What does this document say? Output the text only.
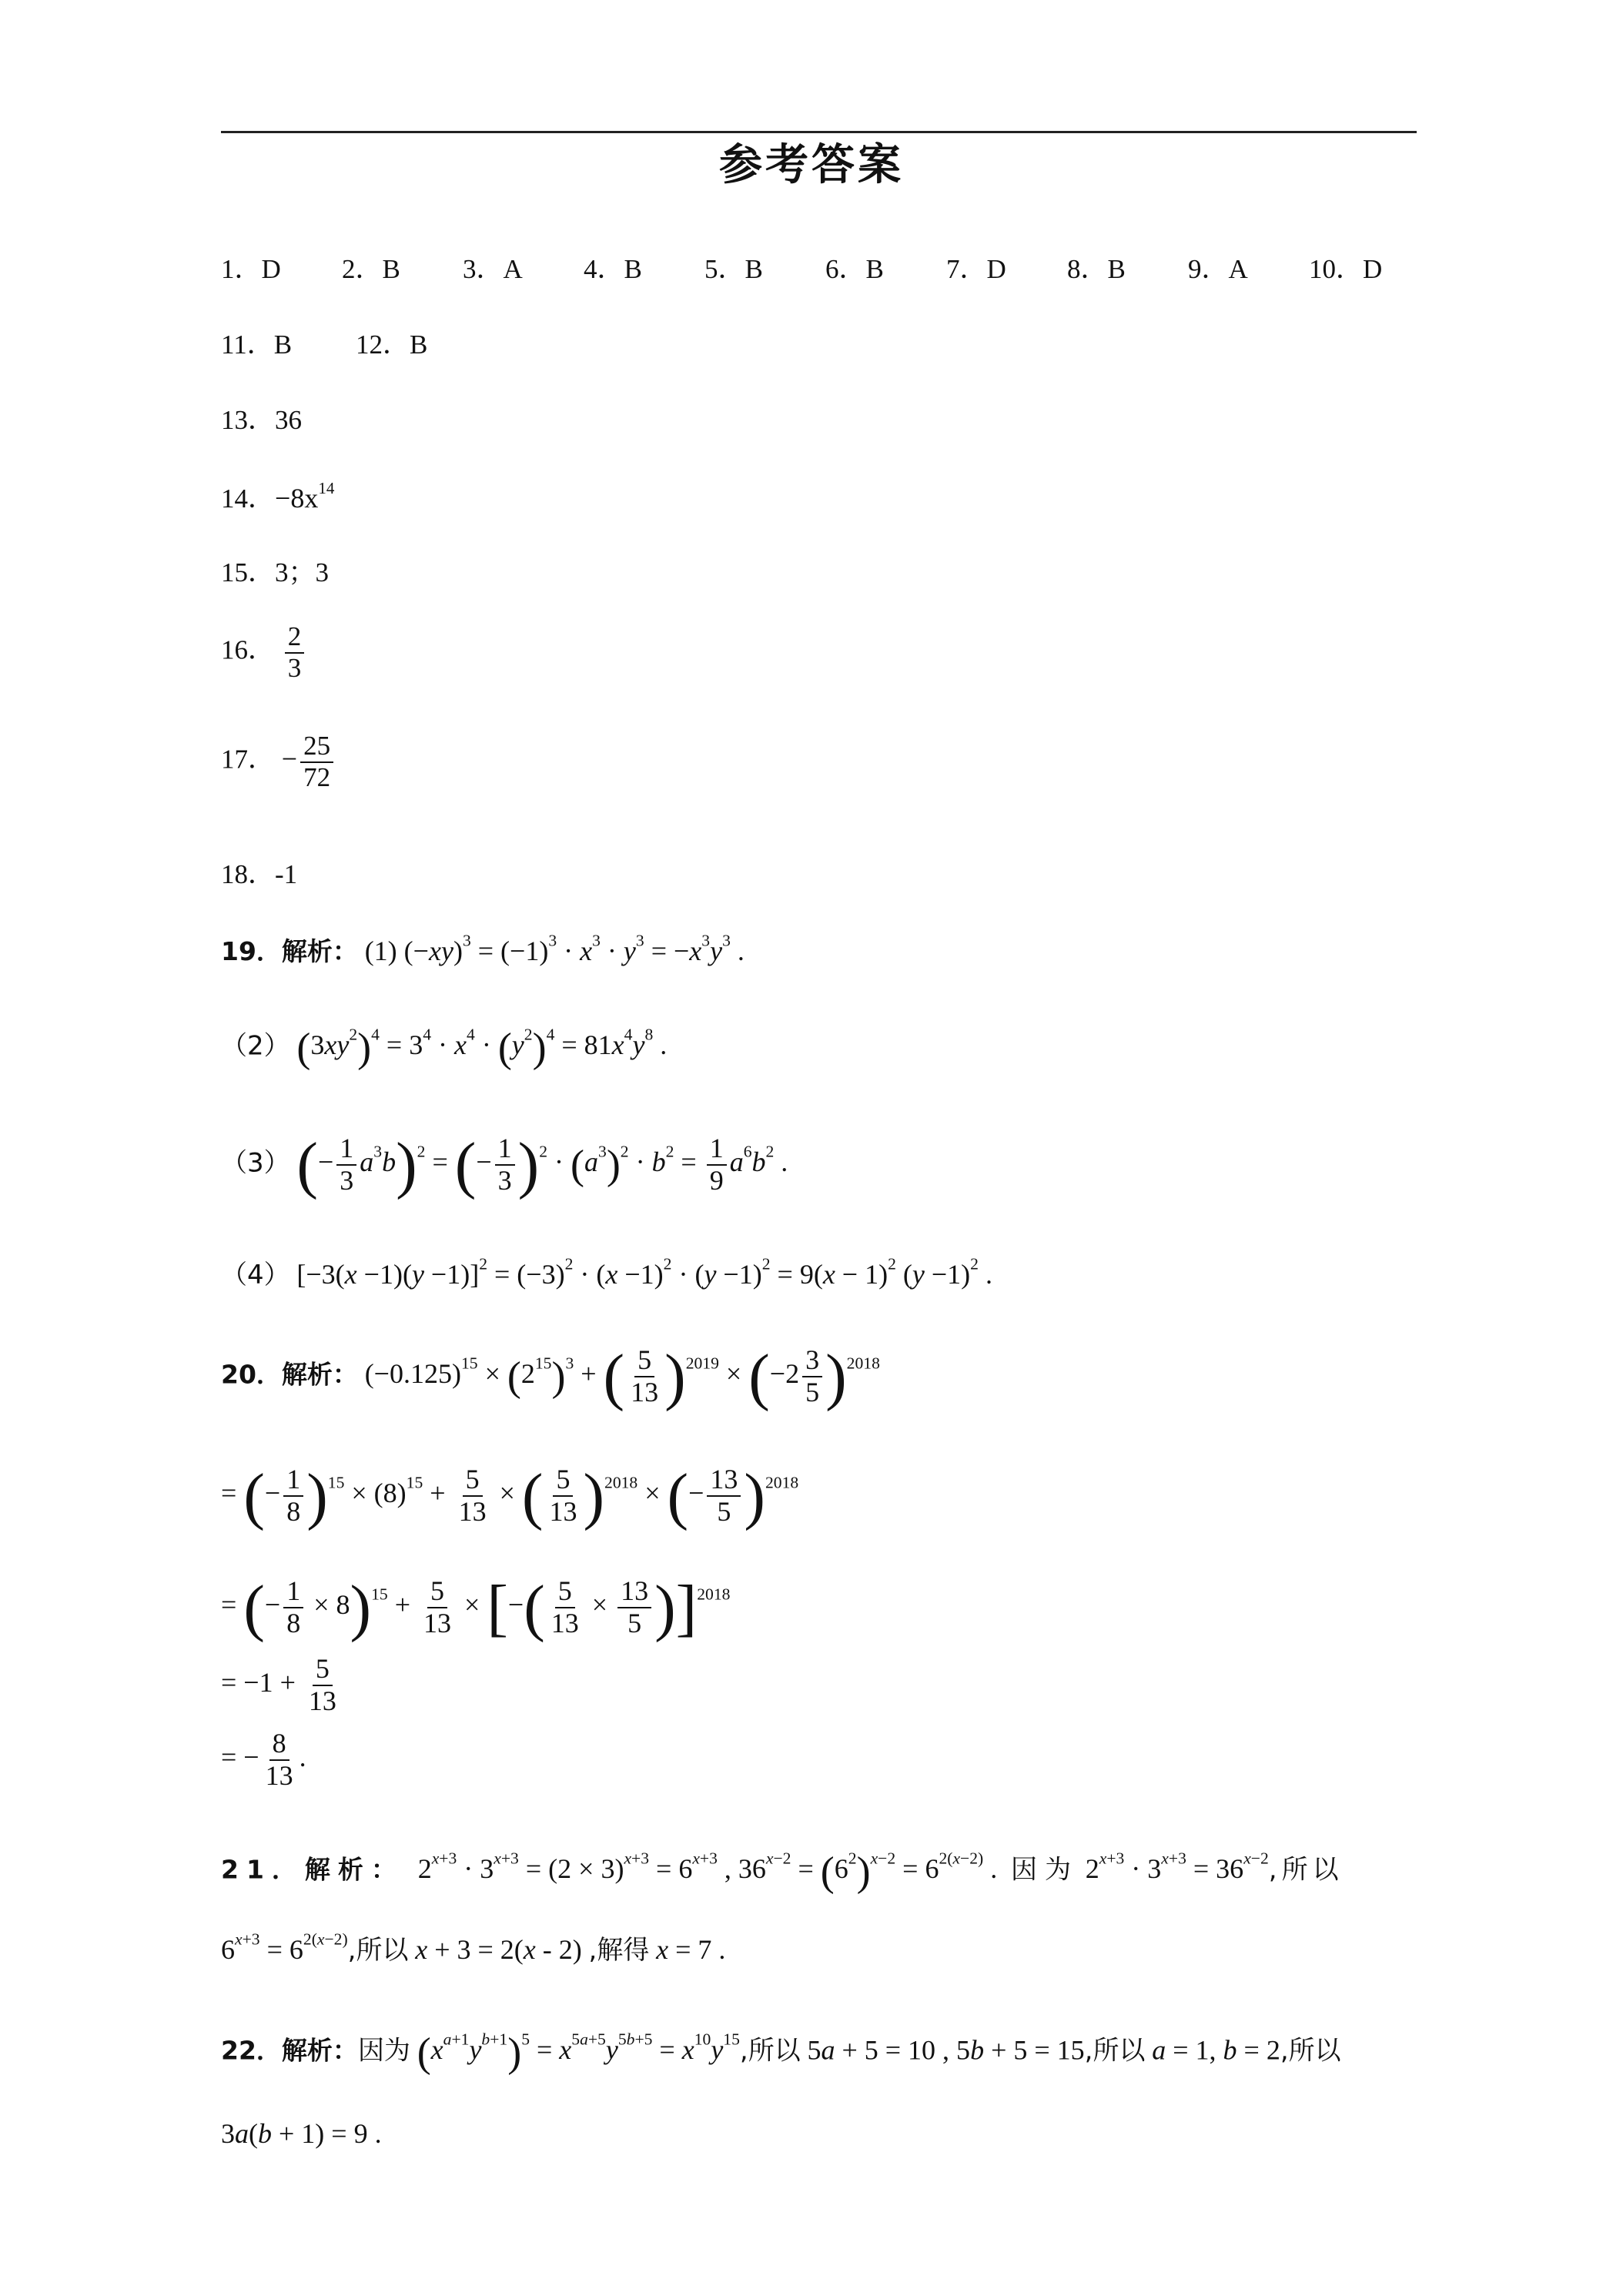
参考答案
1．D 2．B 3．A 4．B 5．B 6．B 7．D 8．B 9．A 10．D
11．B 12．B
13．36
14．$-8x^{14}$
15．3；3
16． $\frac{2}{3}$
17． − $\frac{25}{72}$
18．-1
19．解析： (1) $(-xy)^3 = (-1)^3 \cdot x^3 \cdot y^3 = -x^3y^3$ .
（2） $(3xy^2)^4 = 3^4 \cdot x^4 \cdot (y^2)^4 = 81x^4y^8$ .
（3） (− $\frac{1}{3} a^3b)^2$ = (− $\frac{1}{3} )^2 \cdot (a^3)^2 \cdot b^2 = \frac{1}{9} a^6b^2$ .
（4） $[-3(x -1)(y -1)]^2 = (-3)^2 \cdot (x -1)^2 \cdot (y -1)^2 = 9(x - 1)^2$ $(y -1)^2$ .
20．解析： $(-0.125)^{15} \times (2^{15})^3$ + ( $\frac{5}{13} )^{2019} \times (-2 \frac{3}{5} )^{2018}$
= (− $\frac{1}{8} )^{15} \times (8)^{15} + \frac{5}{13}$ × ( $\frac{5}{13} )^{2018}$ × (− $\frac{13}{5} )^{2018}$
= (− $\frac{1}{8} \times 8)^{15} + \frac{5}{13}$ × [−( $\frac{5}{13} \times \frac{13}{5} )]^{2018}$
= $-1 + \frac{5}{13}$
= − $\frac{8}{13}$ .
21．解析：  $2^{x+3} \cdot 3^{x+3} = (2 \times 3)^{x+3} = 6^{x+3}$ , $36^{x-2} = (6^2)^{x-2} = 6^{2(x-2)}$ .  因为 $2^{x+3} \cdot 3^{x+3} = 36^{x-2}$,所以
$6^{x+3} = 6^{2(x-2)}$,所以 x + 3 = 2(x - 2) ,解得 x = 7 .
22．解析：因为 $(x^{a+1}y^{b+1})^5 = x^{5a+5}y^{5b+5} = x^{10}y^{15}$,所以 5a + 5 = 10 , 5b + 5 = 15,所以 a = 1, b = 2,所以
3a(b + 1) = 9 .
